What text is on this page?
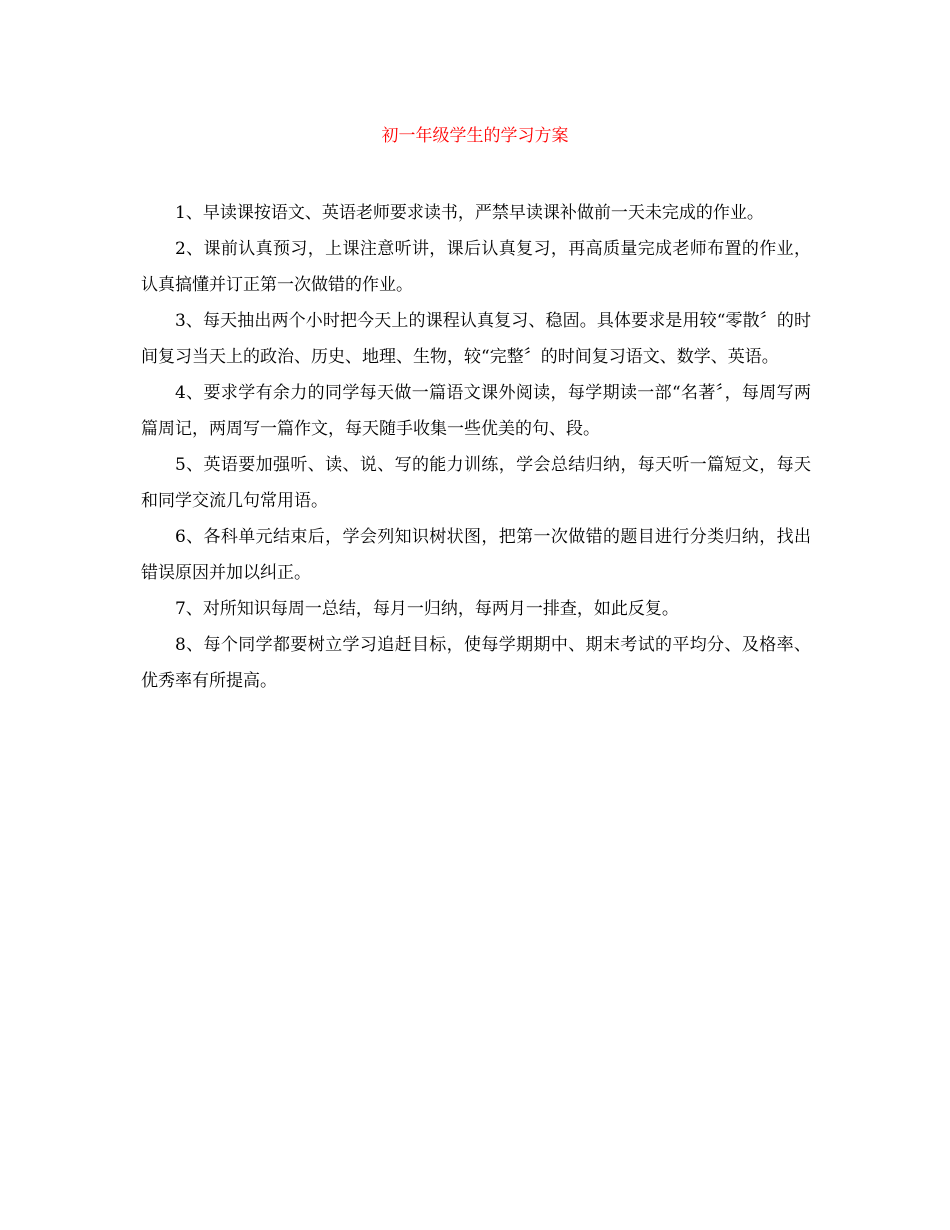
初一年级学生的学习方案

1、早读课按语文、英语老师要求读书，严禁早读课补做前一天未完成的作业。

2、课前认真预习，上课注意听讲，课后认真复习，再高质量完成老师布置的作业，认真搞懂并订正第一次做错的作业。

3、每天抽出两个小时把今天上的课程认真复习、稳固。具体要求是用较“零散〞的时间复习当天上的政治、历史、地理、生物，较“完整〞的时间复习语文、数学、英语。

4、要求学有余力的同学每天做一篇语文课外阅读，每学期读一部“名著〞，每周写两篇周记，两周写一篇作文，每天随手收集一些优美的句、段。

5、英语要加强听、读、说、写的能力训练，学会总结归纳，每天听一篇短文，每天和同学交流几句常用语。

6、各科单元结束后，学会列知识树状图，把第一次做错的题目进行分类归纳，找出错误原因并加以纠正。

7、对所知识每周一总结，每月一归纳，每两月一排查，如此反复。

8、每个同学都要树立学习追赶目标，使每学期期中、期末考试的平均分、及格率、优秀率有所提高。
